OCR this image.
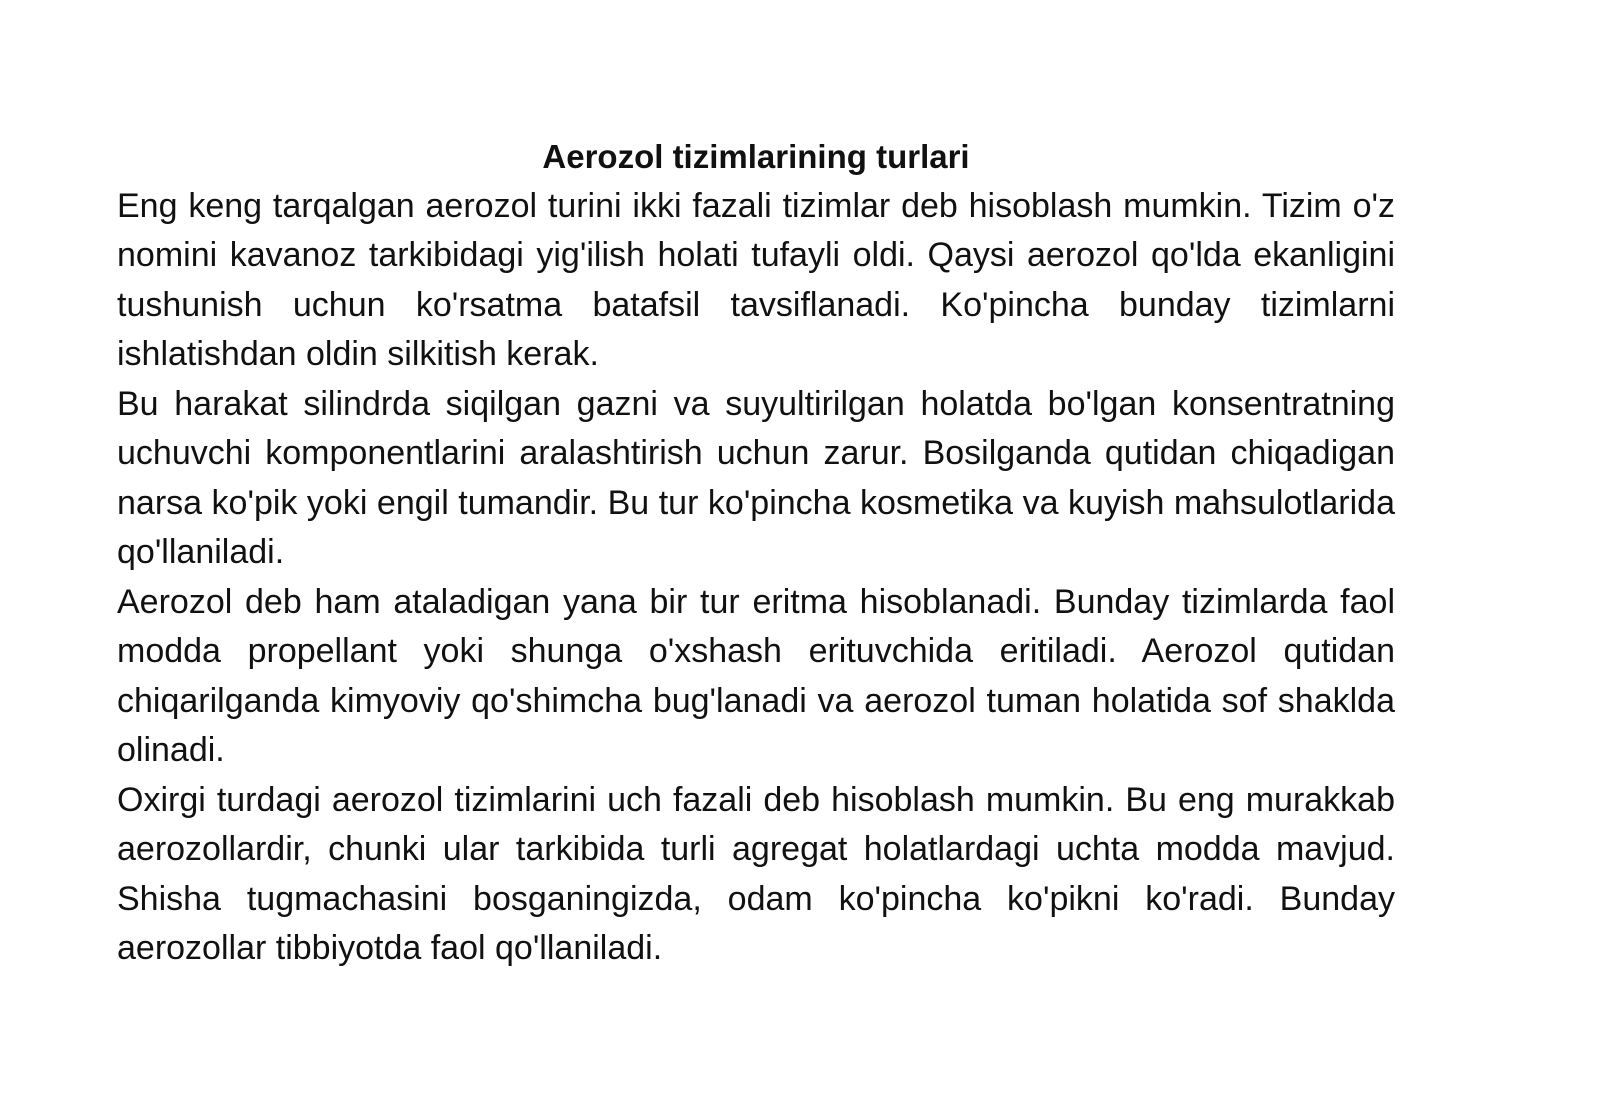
Aerozol tizimlarining turlari

Eng keng tarqalgan aerozol turini ikki fazali tizimlar deb hisoblash mumkin. Tizim o'z nomini kavanoz tarkibidagi yig'ilish holati tufayli oldi. Qaysi aerozol qo'lda ekanligini tushunish uchun ko'rsatma batafsil tavsiflanadi. Ko'pincha bunday tizimlarni ishlatishdan oldin silkitish kerak.

Bu harakat silindrda siqilgan gazni va suyultirilgan holatda bo'lgan konsentratning uchuvchi komponentlarini aralashtirish uchun zarur. Bosilganda qutidan chiqadigan narsa ko'pik yoki engil tumandir. Bu tur ko'pincha kosmetika va kuyish mahsulotlarida qo'llaniladi.

Aerozol deb ham ataladigan yana bir tur eritma hisoblanadi. Bunday tizimlarda faol modda propellant yoki shunga o'xshash erituvchida eritiladi. Aerozol qutidan chiqarilganda kimyoviy qo'shimcha bug'lanadi va aerozol tuman holatida sof shaklda olinadi.

Oxirgi turdagi aerozol tizimlarini uch fazali deb hisoblash mumkin. Bu eng murakkab aerozollardir, chunki ular tarkibida turli agregat holatlardagi uchta modda mavjud. Shisha tugmachasini bosganingizda, odam ko'pincha ko'pikni ko'radi. Bunday aerozollar tibbiyotda faol qo'llaniladi.
